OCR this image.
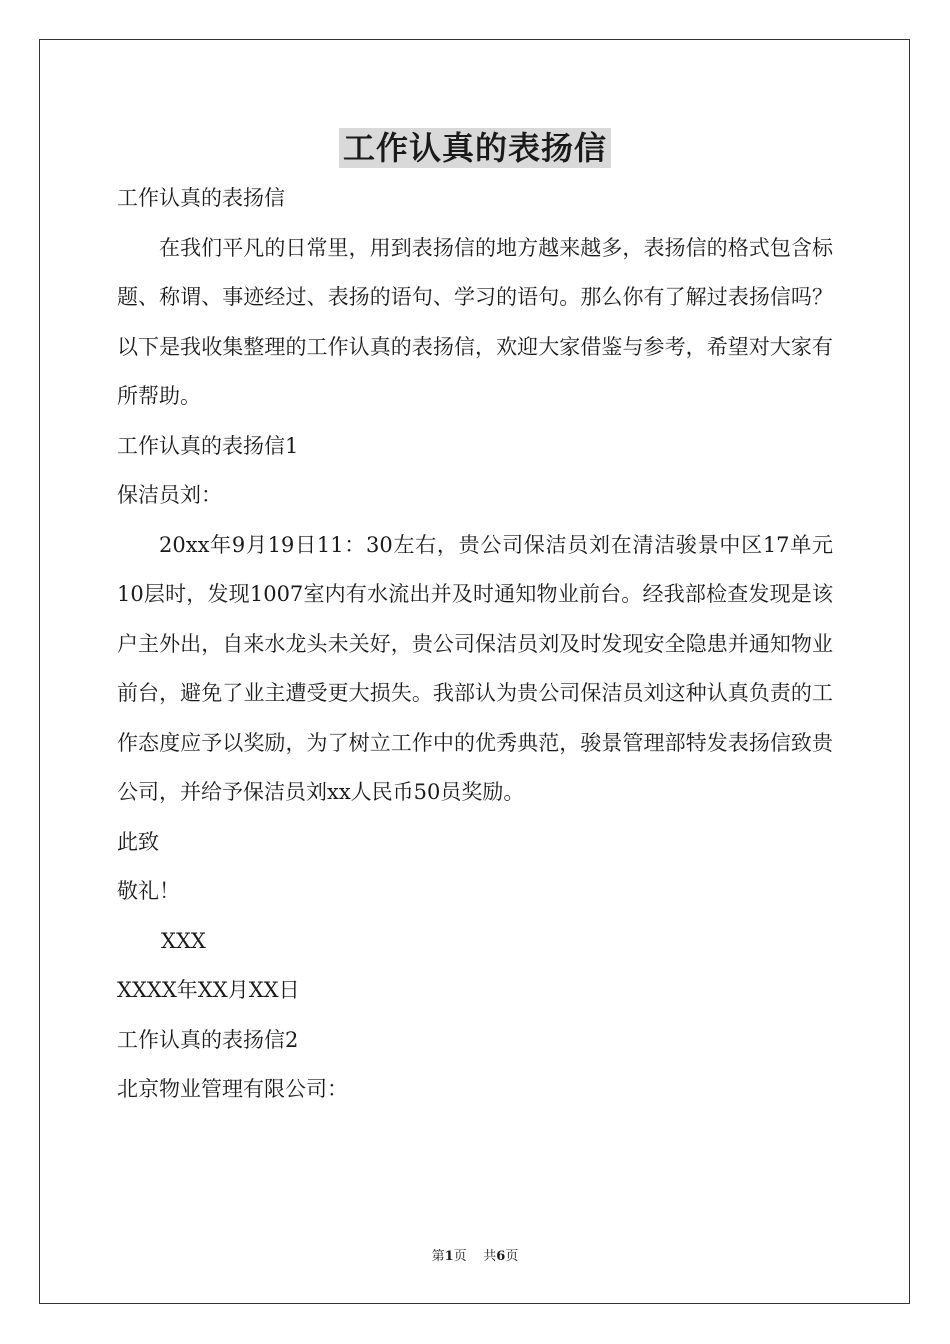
工作认真的表扬信

工作认真的表扬信

在我们平凡的日常里，用到表扬信的地方越来越多，表扬信的格式包含标题、称谓、事迹经过、表扬的语句、学习的语句。那么你有了解过表扬信吗？以下是我收集整理的工作认真的表扬信，欢迎大家借鉴与参考，希望对大家有所帮助。

工作认真的表扬信1

保洁员刘：

20xx年9月19日11：30左右，贵公司保洁员刘在清洁骏景中区17单元10层时，发现1007室内有水流出并及时通知物业前台。经我部检查发现是该户主外出，自来水龙头未关好，贵公司保洁员刘及时发现安全隐患并通知物业前台，避免了业主遭受更大损失。我部认为贵公司保洁员刘这种认真负责的工作态度应予以奖励，为了树立工作中的优秀典范，骏景管理部特发表扬信致贵公司，并给予保洁员刘xx人民币50员奖励。

此致

敬礼！

XXX

XXXX年XX月XX日

工作认真的表扬信2

北京物业管理有限公司：

第1页 共6页
